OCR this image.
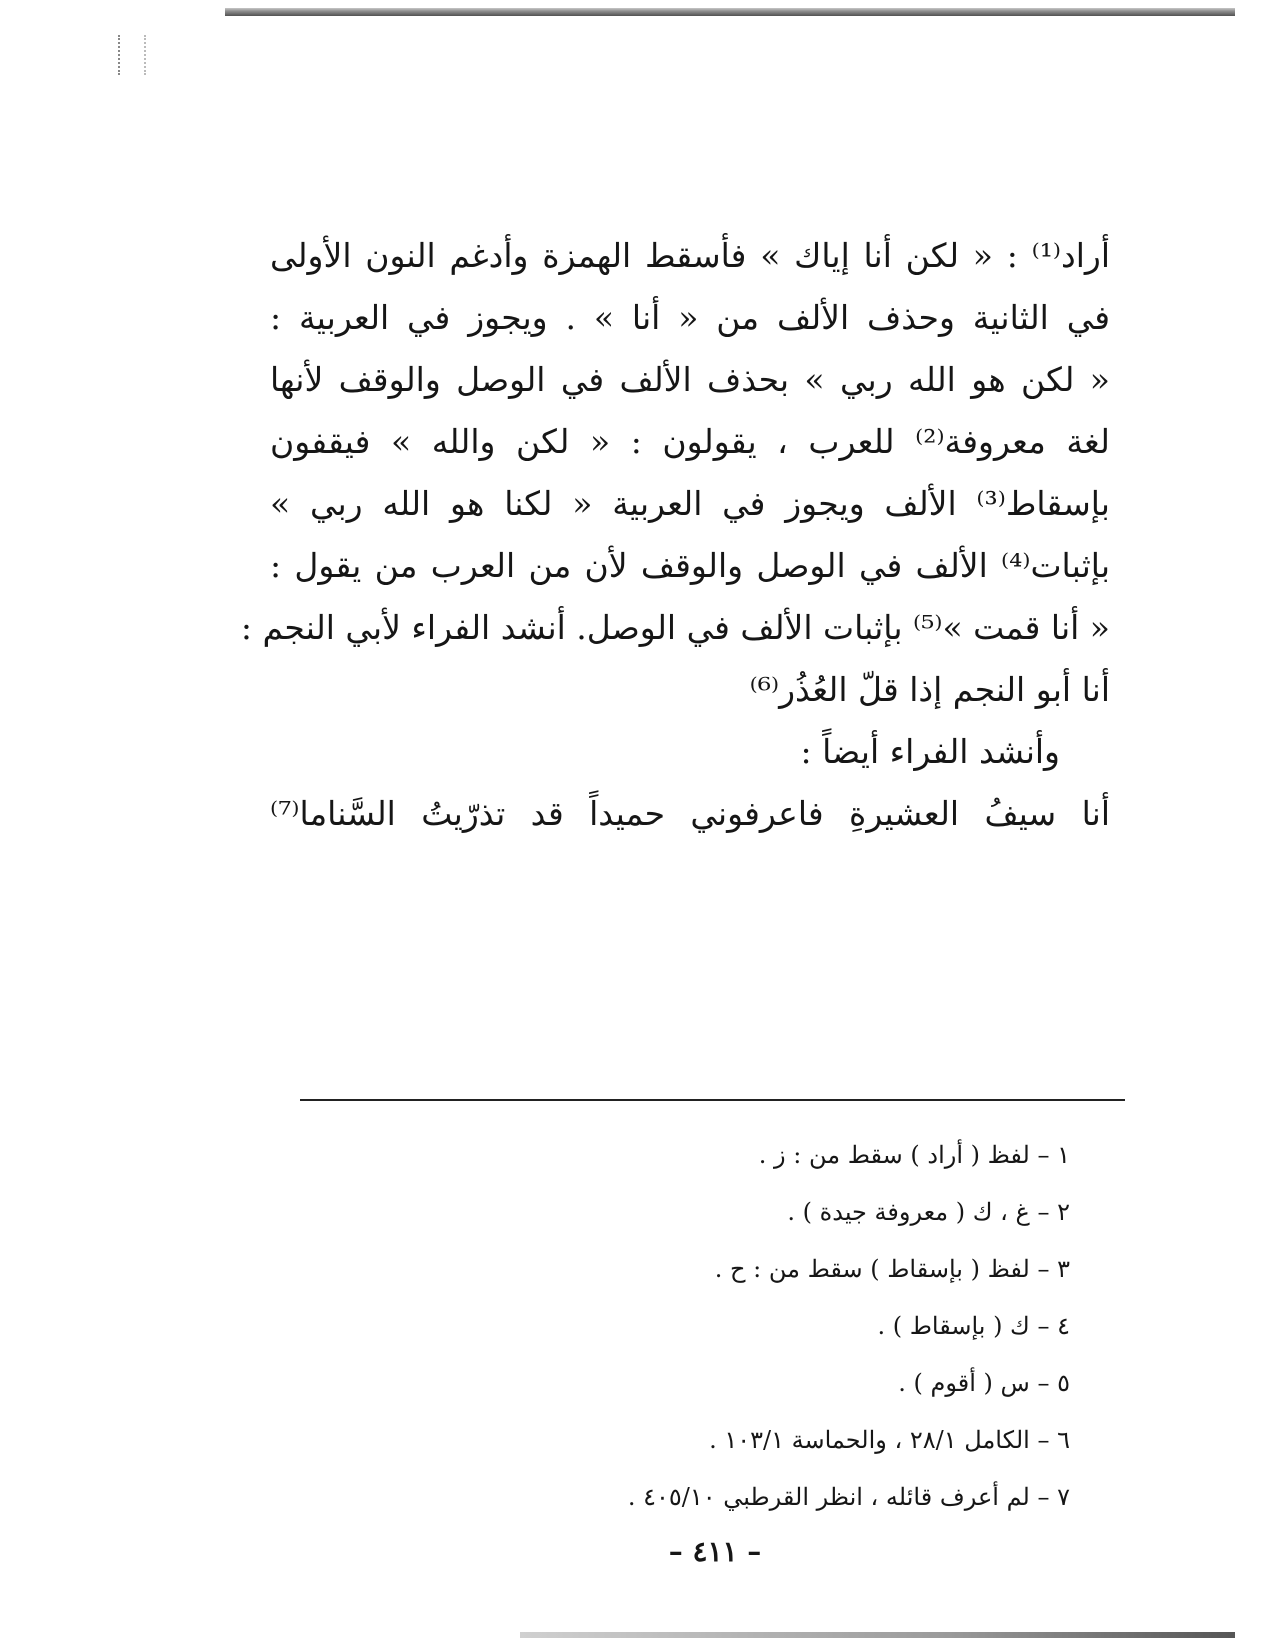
أراد⁽¹⁾ : « لكن أنا إياك » فأسقط الهمزة وأدغم النون الأولى
في الثانية وحذف الألف من « أنا » . ويجوز في العربية :
« لكن هو الله ربي » بحذف الألف في الوصل والوقف لأنها
لغة معروفة⁽²⁾ للعرب ، يقولون : « لكن والله » فيقفون
بإسقاط⁽³⁾ الألف ويجوز في العربية « لكنا هو الله ربي »
بإثبات⁽⁴⁾ الألف في الوصل والوقف لأن من العرب من يقول :
« أنا قمت »⁽⁵⁾ بإثبات الألف في الوصل. أنشد الفراء لأبي النجم :
أنا أبو النجم إذا قلّ العُذُر⁽⁶⁾
وأنشد الفراء أيضاً :
أنا سيفُ العشيرةِ فاعرفوني حميداً قد تذرّيتُ السَّناما⁽⁷⁾
١ – لفظ ( أراد ) سقط من : ز .
٢ – غ ، ك ( معروفة جيدة ) .
٣ – لفظ ( بإسقاط ) سقط من : ح .
٤ – ك ( بإسقاط ) .
٥ – س ( أقوم ) .
٦ – الكامل ٢٨/١ ، والحماسة ١٠٣/١ .
٧ – لم أعرف قائله ، انظر القرطبي ٤٠٥/١٠ .
– ٤١١ –
